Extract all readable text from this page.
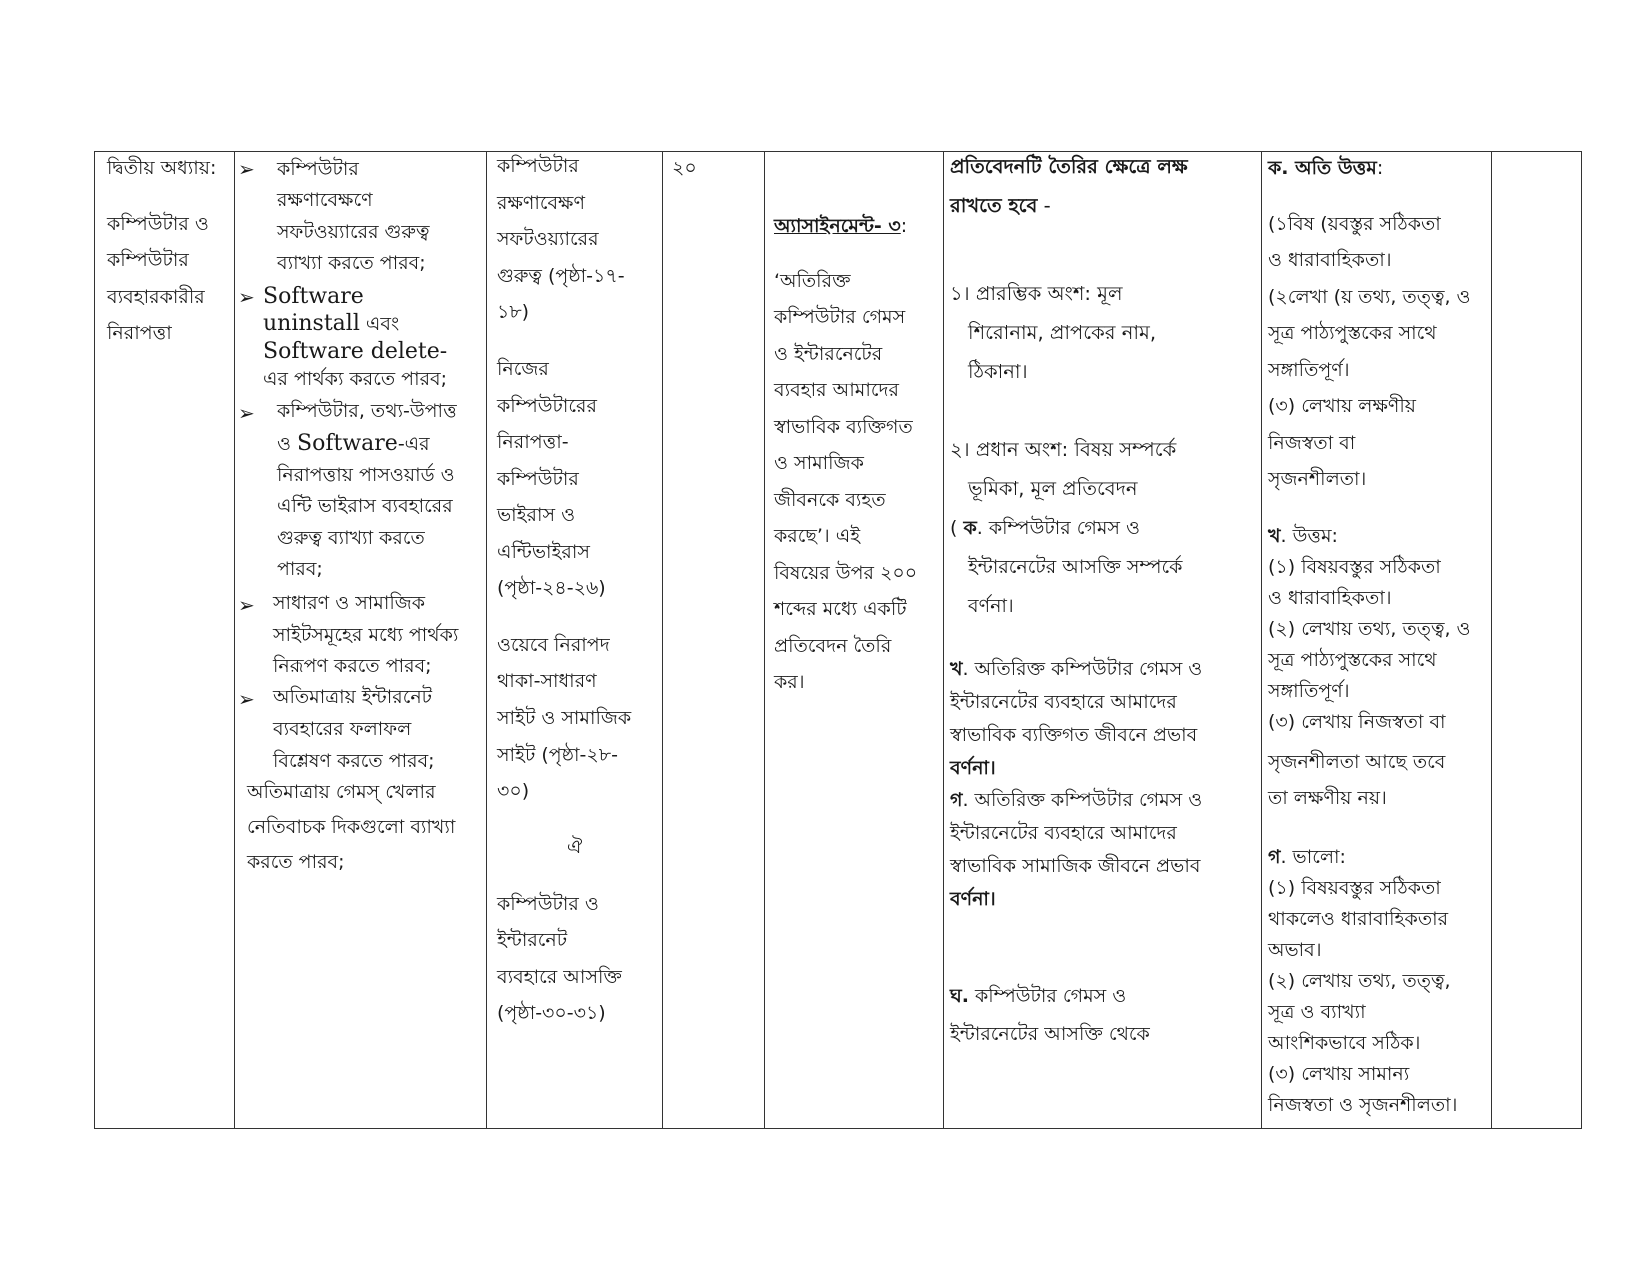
দ্বিতীয় অধ্যায়:

কম্পিউটার ও

কম্পিউটার

ব্যবহারকারীর

নিরাপত্তা

➢ কম্পিউটার

রক্ষণাবেক্ষণে

সফটওয়্যারের গুরুত্ব

ব্যাখ্যা করতে পারব;

➢ Software

uninstall এবং

Software delete-

এর পার্থক্য করতে পারব;

➢ কম্পিউটার, তথ্য-উপাত্ত

ও Software-এর

নিরাপত্তায় পাসওয়ার্ড ও

এন্টি ভাইরাস ব্যবহারের

গুরুত্ব ব্যাখ্যা করতে

পারব;

➢ সাধারণ ও সামাজিক

সাইটসমূহের মধ্যে পার্থক্য

নিরূপণ করতে পারব;

➢ অতিমাত্রায় ইন্টারনেট

ব্যবহারের ফলাফল

বিশ্লেষণ করতে পারব;

অতিমাত্রায় গেমস্ খেলার

নেতিবাচক দিকগুলো ব্যাখ্যা

করতে পারব;

কম্পিউটার

রক্ষণাবেক্ষণ

সফটওয়্যারের

গুরুত্ব (পৃষ্ঠা-১৭-

১৮)

নিজের

কম্পিউটারের

নিরাপত্তা-

কম্পিউটার

ভাইরাস ও

এন্টিভাইরাস

(পৃষ্ঠা-২৪-২৬)

ওয়েবে নিরাপদ

থাকা-সাধারণ

সাইট ও সামাজিক

সাইট (পৃষ্ঠা-২৮-

৩০)

ঐ

কম্পিউটার ও

ইন্টারনেট

ব্যবহারে আসক্তি

(পৃষ্ঠা-৩০-৩১)

২০

অ্যাসাইনমেন্ট- ৩:

‘অতিরিক্ত

কম্পিউটার গেমস

ও ইন্টারনেটের

ব্যবহার আমাদের

স্বাভাবিক ব্যক্তিগত

ও সামাজিক

জীবনকে ব্যহত

করছে’। এই

বিষয়ের উপর ২০০

শব্দের মধ্যে একটি

প্রতিবেদন তৈরি

কর।

প্রতিবেদনটি তৈরির ক্ষেত্রে লক্ষ

রাখতে হবে -

১। প্রারম্ভিক অংশ: মূল

শিরোনাম, প্রাপকের নাম,

ঠিকানা।

২। প্রধান অংশ: বিষয় সম্পর্কে

ভূমিকা, মূল প্রতিবেদন

( ক. কম্পিউটার গেমস ও

ইন্টারনেটের আসক্তি সম্পর্কে

বর্ণনা।

খ. অতিরিক্ত কম্পিউটার গেমস ও

ইন্টারনেটের ব্যবহারে আমাদের

স্বাভাবিক ব্যক্তিগত জীবনে প্রভাব

বর্ণনা।

গ. অতিরিক্ত কম্পিউটার গেমস ও

ইন্টারনেটের ব্যবহারে আমাদের

স্বাভাবিক সামাজিক জীবনে প্রভাব

বর্ণনা।

ঘ. কম্পিউটার গেমস ও

ইন্টারনেটের আসক্তি থেকে

ক. অতি উত্তম:

(১বিষ (য়বস্তুর সঠিকতা

ও ধারাবাহিকতা।

(২লেখা (য় তথ্য, তত্ত্ব, ও

সূত্র পাঠ্যপুস্তকের সাথে

সঙ্গাতিপূর্ণ।

(৩) লেখায় লক্ষণীয়

নিজস্বতা বা

সৃজনশীলতা।

খ. উত্তম:

(১) বিষয়বস্তুর সঠিকতা

ও ধারাবাহিকতা।

(২) লেখায় তথ্য, তত্ত্ব, ও

সূত্র পাঠ্যপুস্তকের সাথে

সঙ্গাতিপূর্ণ।

(৩) লেখায় নিজস্বতা বা

সৃজনশীলতা আছে তবে

তা লক্ষণীয় নয়।

গ. ভালো:

(১) বিষয়বস্তুর সঠিকতা

থাকলেও ধারাবাহিকতার

অভাব।

(২) লেখায় তথ্য, তত্ত্ব,

সূত্র ও ব্যাখ্যা

আংশিকভাবে সঠিক।

(৩) লেখায় সামান্য

নিজস্বতা ও সৃজনশীলতা।
